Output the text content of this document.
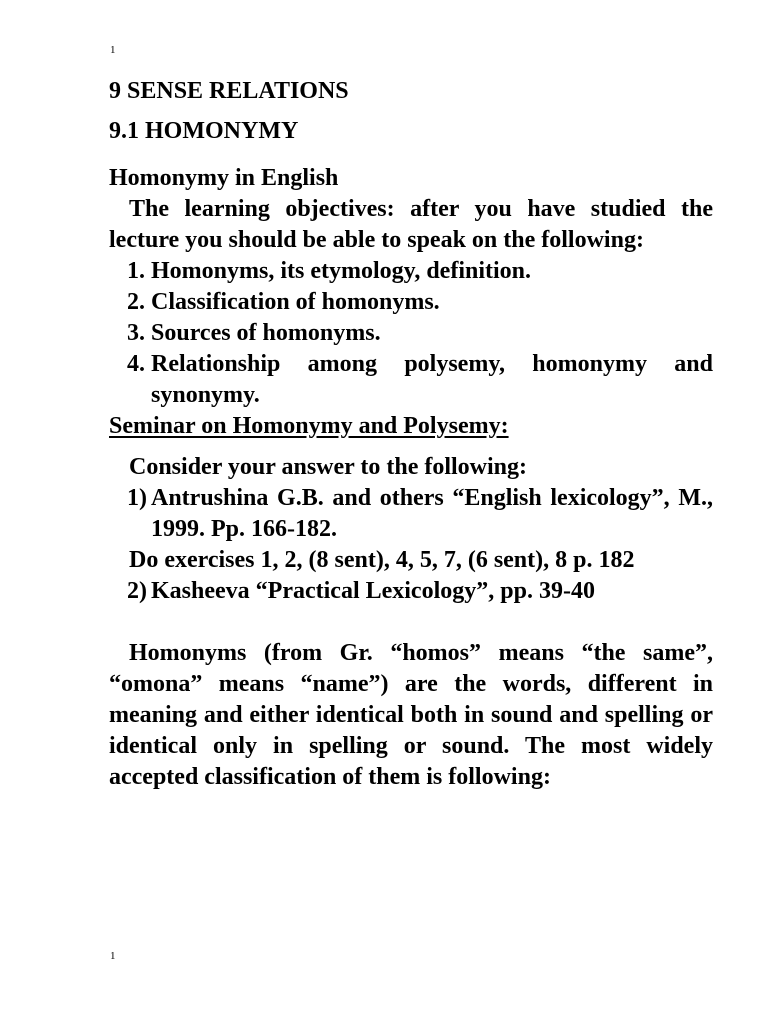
1
9 SENSE RELATIONS
9.1 HOMONYMY
Homonymy in English
The learning objectives: after you have studied the lecture you should be able to speak on the following:
1. Homonyms, its etymology, definition.
2. Classification of homonyms.
3. Sources of homonyms.
4. Relationship among polysemy, homonymy and synonymy.
Seminar on Homonymy and Polysemy:
Consider your answer to the following:
1) Antrushina G.B. and others “English lexicology”, M., 1999. Pp. 166-182.
Do exercises 1, 2, (8 sent), 4, 5, 7, (6 sent), 8 p. 182
2) Kasheeva “Practical Lexicology”, pp. 39-40
Homonyms (from Gr. “homos” means “the same”, “omona” means “name”) are the words, different in meaning and either identical both in sound and spelling or identical only in spelling or sound. The most widely accepted classification of them is following:
1
